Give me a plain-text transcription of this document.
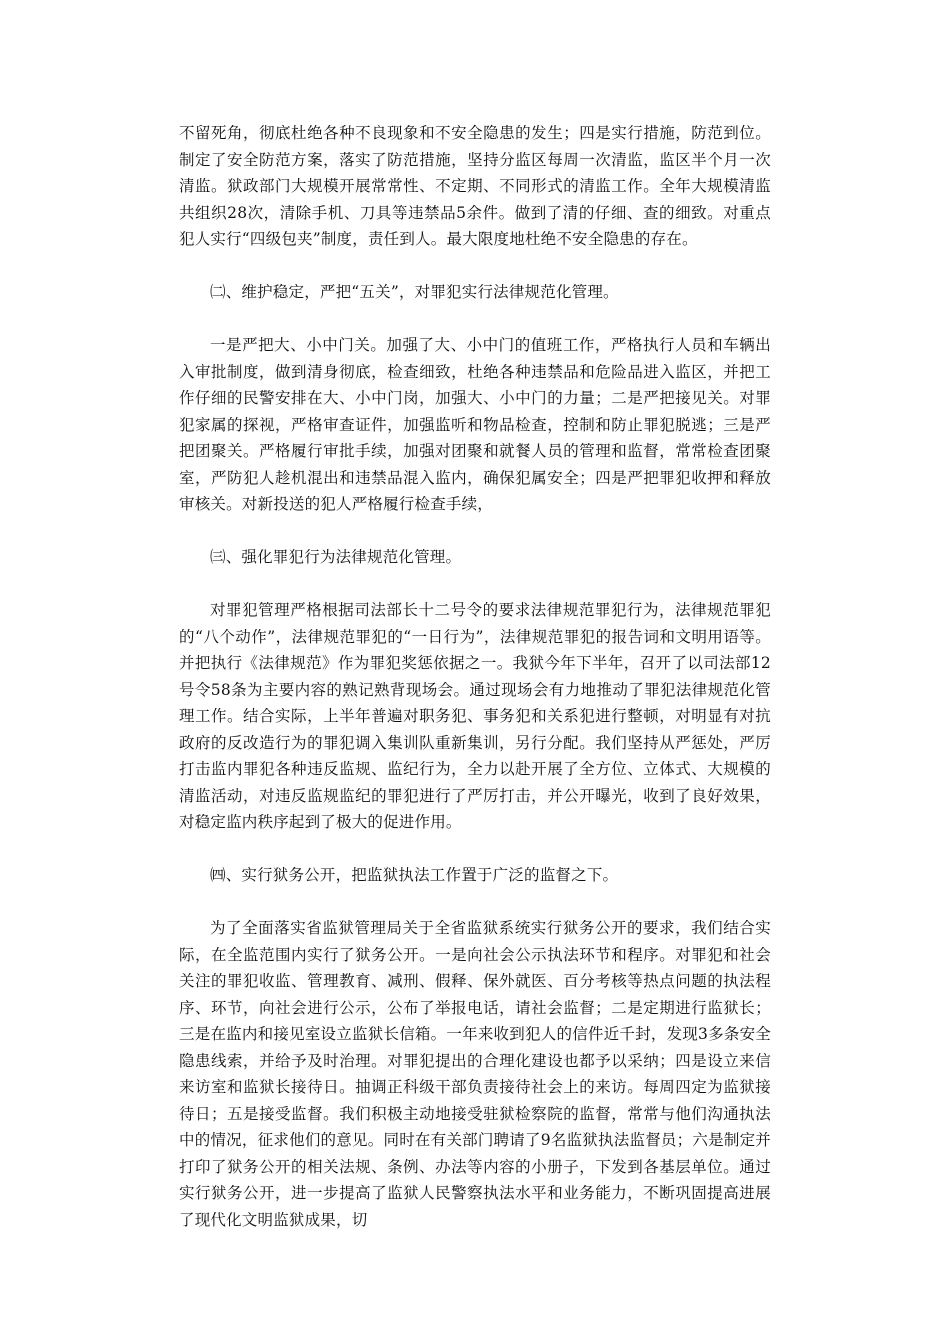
不留死角，彻底杜绝各种不良现象和不安全隐患的发生；四是实行措施，防范到位。制定了安全防范方案，落实了防范措施，坚持分监区每周一次清监，监区半个月一次清监。狱政部门大规模开展常常性、不定期、不同形式的清监工作。全年大规模清监共组织28次，清除手机、刀具等违禁品5余件。做到了清的仔细、查的细致。对重点犯人实行“四级包夹”制度，责任到人。最大限度地杜绝不安全隐患的存在。

㈡、维护稳定，严把“五关”，对罪犯实行法律规范化管理。

一是严把大、小中门关。加强了大、小中门的值班工作，严格执行人员和车辆出入审批制度，做到清身彻底，检查细致，杜绝各种违禁品和危险品进入监区，并把工作仔细的民警安排在大、小中门岗，加强大、小中门的力量；二是严把接见关。对罪犯家属的探视，严格审查证件，加强监听和物品检查，控制和防止罪犯脱逃；三是严把团聚关。严格履行审批手续，加强对团聚和就餐人员的管理和监督，常常检查团聚室，严防犯人趁机混出和违禁品混入监内，确保犯属安全；四是严把罪犯收押和释放审核关。对新投送的犯人严格履行检查手续，

㈢、强化罪犯行为法律规范化管理。

对罪犯管理严格根据司法部长十二号令的要求法律规范罪犯行为，法律规范罪犯的“八个动作”，法律规范罪犯的“一日行为”，法律规范罪犯的报告词和文明用语等。并把执行《法律规范》作为罪犯奖惩依据之一。我狱今年下半年，召开了以司法部12号令58条为主要内容的熟记熟背现场会。通过现场会有力地推动了罪犯法律规范化管理工作。结合实际，上半年普遍对职务犯、事务犯和关系犯进行整顿，对明显有对抗政府的反改造行为的罪犯调入集训队重新集训，另行分配。我们坚持从严惩处，严厉打击监内罪犯各种违反监规、监纪行为，全力以赴开展了全方位、立体式、大规模的清监活动，对违反监规监纪的罪犯进行了严厉打击，并公开曝光，收到了良好效果，对稳定监内秩序起到了极大的促进作用。

㈣、实行狱务公开，把监狱执法工作置于广泛的监督之下。

为了全面落实省监狱管理局关于全省监狱系统实行狱务公开的要求，我们结合实际，在全监范围内实行了狱务公开。一是向社会公示执法环节和程序。对罪犯和社会关注的罪犯收监、管理教育、减刑、假释、保外就医、百分考核等热点问题的执法程序、环节，向社会进行公示，公布了举报电话，请社会监督；二是定期进行监狱长；三是在监内和接见室设立监狱长信箱。一年来收到犯人的信件近千封，发现3多条安全隐患线索，并给予及时治理。对罪犯提出的合理化建设也都予以采纳；四是设立来信来访室和监狱长接待日。抽调正科级干部负责接待社会上的来访。每周四定为监狱接待日；五是接受监督。我们积极主动地接受驻狱检察院的监督，常常与他们沟通执法中的情况，征求他们的意见。同时在有关部门聘请了9名监狱执法监督员；六是制定并打印了狱务公开的相关法规、条例、办法等内容的小册子，下发到各基层单位。通过实行狱务公开，进一步提高了监狱人民警察执法水平和业务能力，不断巩固提高进展了现代化文明监狱成果，切
